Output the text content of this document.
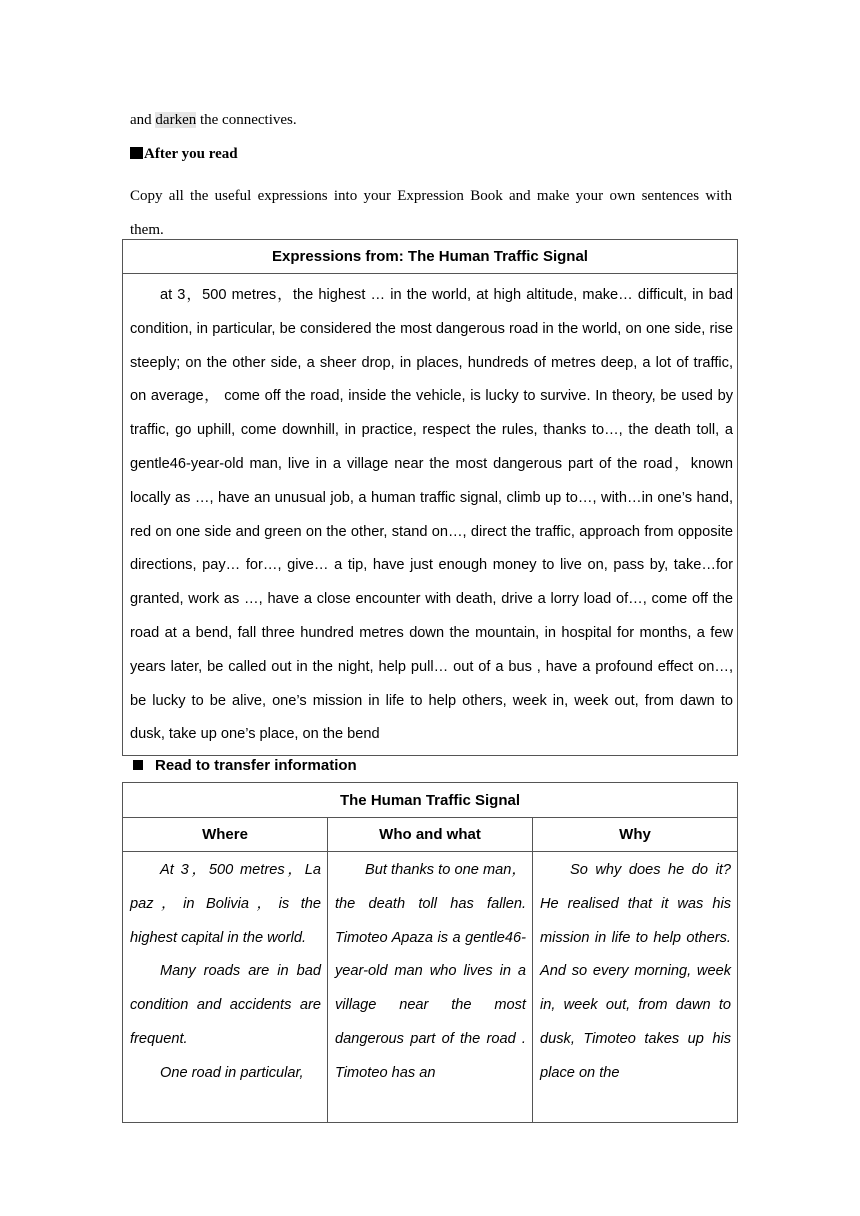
and darken the connectives.
After you read
Copy all the useful expressions into your Expression Book and make your own sentences with them.
Expressions from: The Human Traffic Signal
at 3，500 metres，the highest … in the world, at high altitude, make… difficult, in bad condition, in particular, be considered the most dangerous road in the world, on one side, rise steeply; on the other side, a sheer drop, in places, hundreds of metres deep, a lot of traffic, on average， come off the road, inside the vehicle, is lucky to survive. In theory, be used by traffic, go uphill, come downhill, in practice, respect the rules, thanks to…, the death toll, a gentle46-year-old man, live in a village near the most dangerous part of the road，known locally as …, have an unusual job, a human traffic signal, climb up to…, with…in one’s hand, red on one side and green on the other, stand on…, direct the traffic, approach from opposite directions, pay… for…, give… a tip, have just enough money to live on, pass by, take…for granted, work as …, have a close encounter with death, drive a lorry load of…, come off the road at a bend, fall three hundred metres down the mountain, in hospital for months, a few years later, be called out in the night, help pull… out of a bus , have a profound effect on…, be lucky to be alive, one’s mission in life to help others, week in, week out, from dawn to dusk, take up one’s place, on the bend
Read to transfer information
The Human Traffic Signal		
Where	Who and what	Why

At 3，500 metres，La paz，in Bolivia，is the highest capital in the world.

Many roads are in bad condition and accidents are frequent.

One road in particular,	But thanks to one man，the death toll has fallen. Timoteo Apaza is a gentle46-year-old man who lives in a village near the most dangerous part of the road . Timoteo has an	So why does he do it? He realised that it was his mission in life to help others. And so every morning, week in, week out, from dawn to dusk, Timoteo takes up his place on the
